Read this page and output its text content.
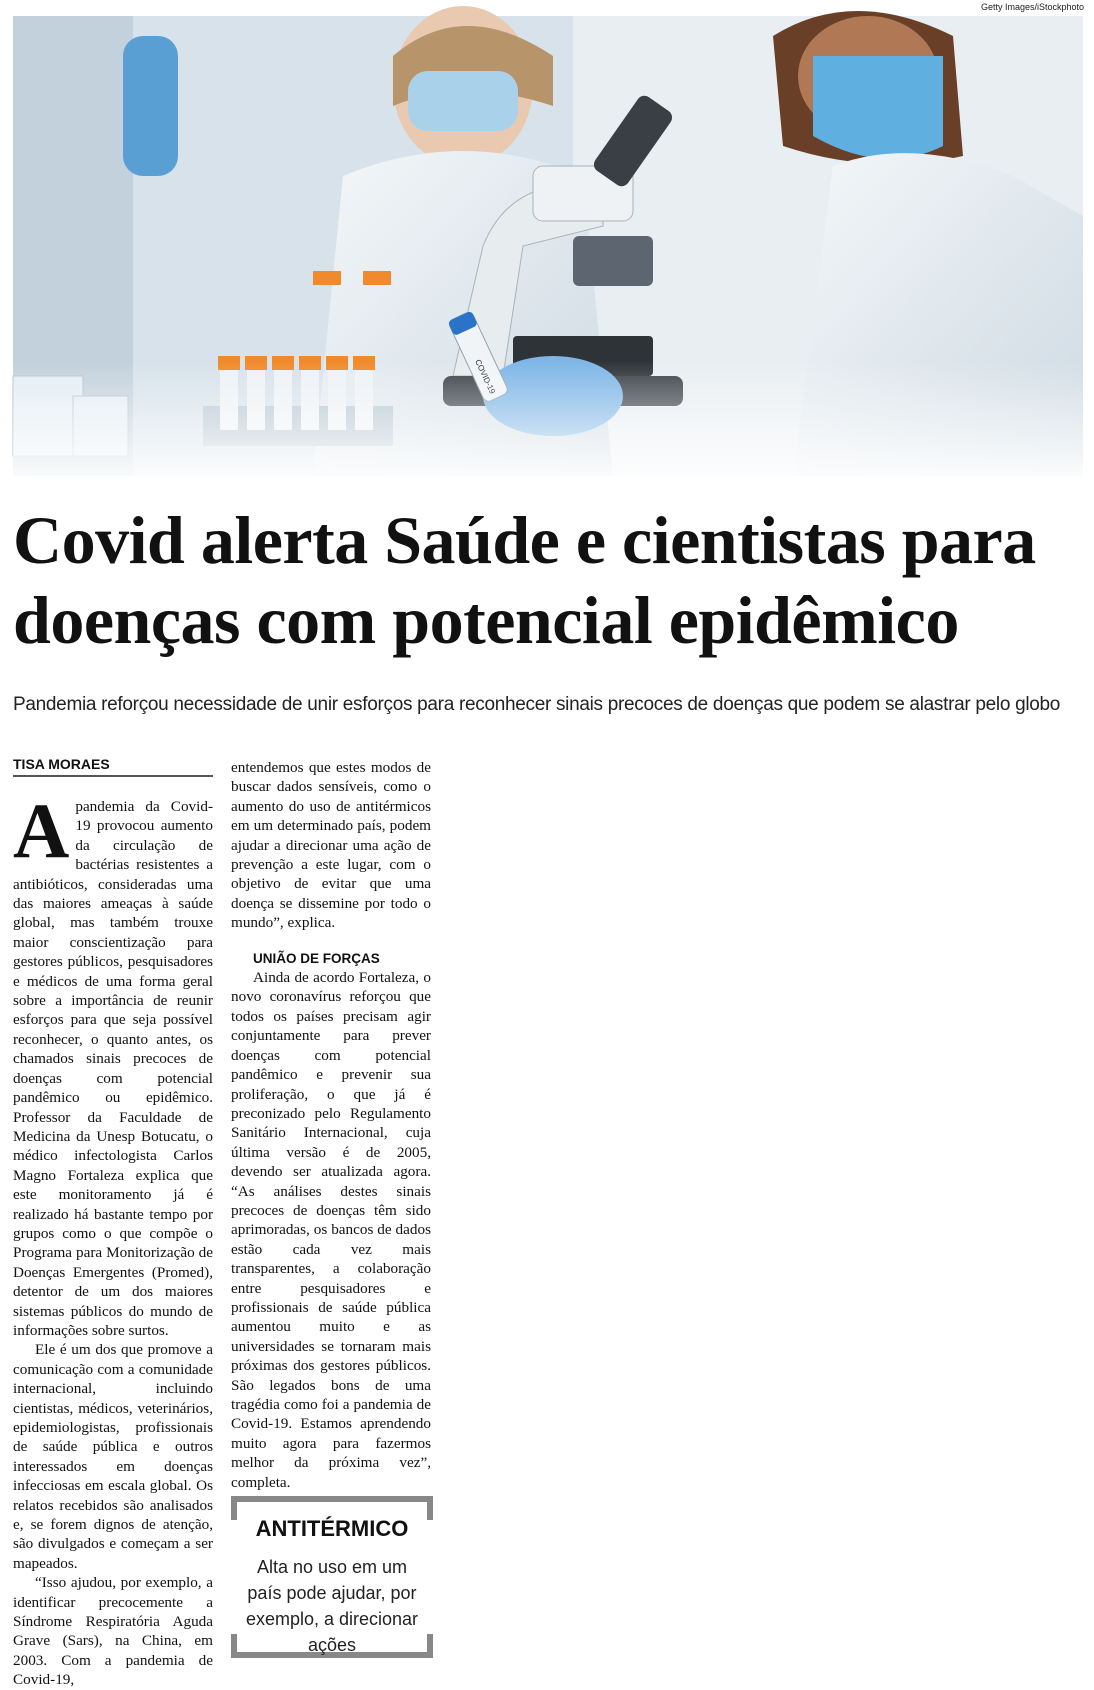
Getty Images/iStockphoto
Covid alerta Saúde e cientistas para
doenças com potencial epidêmico
Pandemia reforçou necessidade de unir esforços para reconhecer sinais precoces de doenças que podem se alastrar pelo globo
TISA MORAES

Apandemia da Covid-19 provocou aumento da circulação de bactérias resistentes a antibióticos, consideradas uma das maiores ameaças à saúde global, mas também trouxe maior conscientização para gestores públicos, pesquisadores e médicos de uma forma geral sobre a importância de reunir esforços para que seja possível reconhecer, o quanto antes, os chamados sinais precoces de doenças com potencial pandêmico ou epidêmico. Professor da Faculdade de Medicina da Unesp Botucatu, o médico infectologista Carlos Magno Fortaleza explica que este monitoramento já é realizado há bastante tempo por grupos como o que compõe o Programa para Monitorização de Doenças Emergentes (Promed), detentor de um dos maiores sistemas públicos do mundo de informações sobre surtos.

Ele é um dos que promove a comunicação com a comunidade internacional, incluindo cientistas, médicos, veterinários, epidemiologistas, profissionais de saúde pública e outros interessados em doenças infecciosas em escala global. Os relatos recebidos são analisados e, se forem dignos de atenção, são divulgados e começam a ser mapeados.

“Isso ajudou, por exemplo, a identificar precocemente a Síndrome Respiratória Aguda Grave (Sars), na China, em 2003. Com a pandemia de Covid-19,

entendemos que estes modos de buscar dados sensíveis, como o aumento do uso de antitérmicos em um determinado país, podem ajudar a direcionar uma ação de prevenção a este lugar, com o objetivo de evitar que uma doença se dissemine por todo o mundo”, explica.

UNIÃO DE FORÇAS

Ainda de acordo Fortaleza, o novo coronavírus reforçou que todos os países precisam agir conjuntamente para prever doenças com potencial pandêmico e prevenir sua proliferação, o que já é preconizado pelo Regulamento Sanitário Internacional, cuja última versão é de 2005, devendo ser atualizada agora. “As análises destes sinais precoces de doenças têm sido aprimoradas, os bancos de dados estão cada vez mais transparentes, a colaboração entre pesquisadores e profissionais de saúde pública aumentou muito e as universidades se tornaram mais próximas dos gestores públicos. São legados bons de uma tragédia como foi a pandemia de Covid-19. Estamos aprendendo muito agora para fazermos melhor da próxima vez”, completa.

ANTITÉRMICO
Alta no uso em um país pode ajudar, por exemplo, a direcionar ações
